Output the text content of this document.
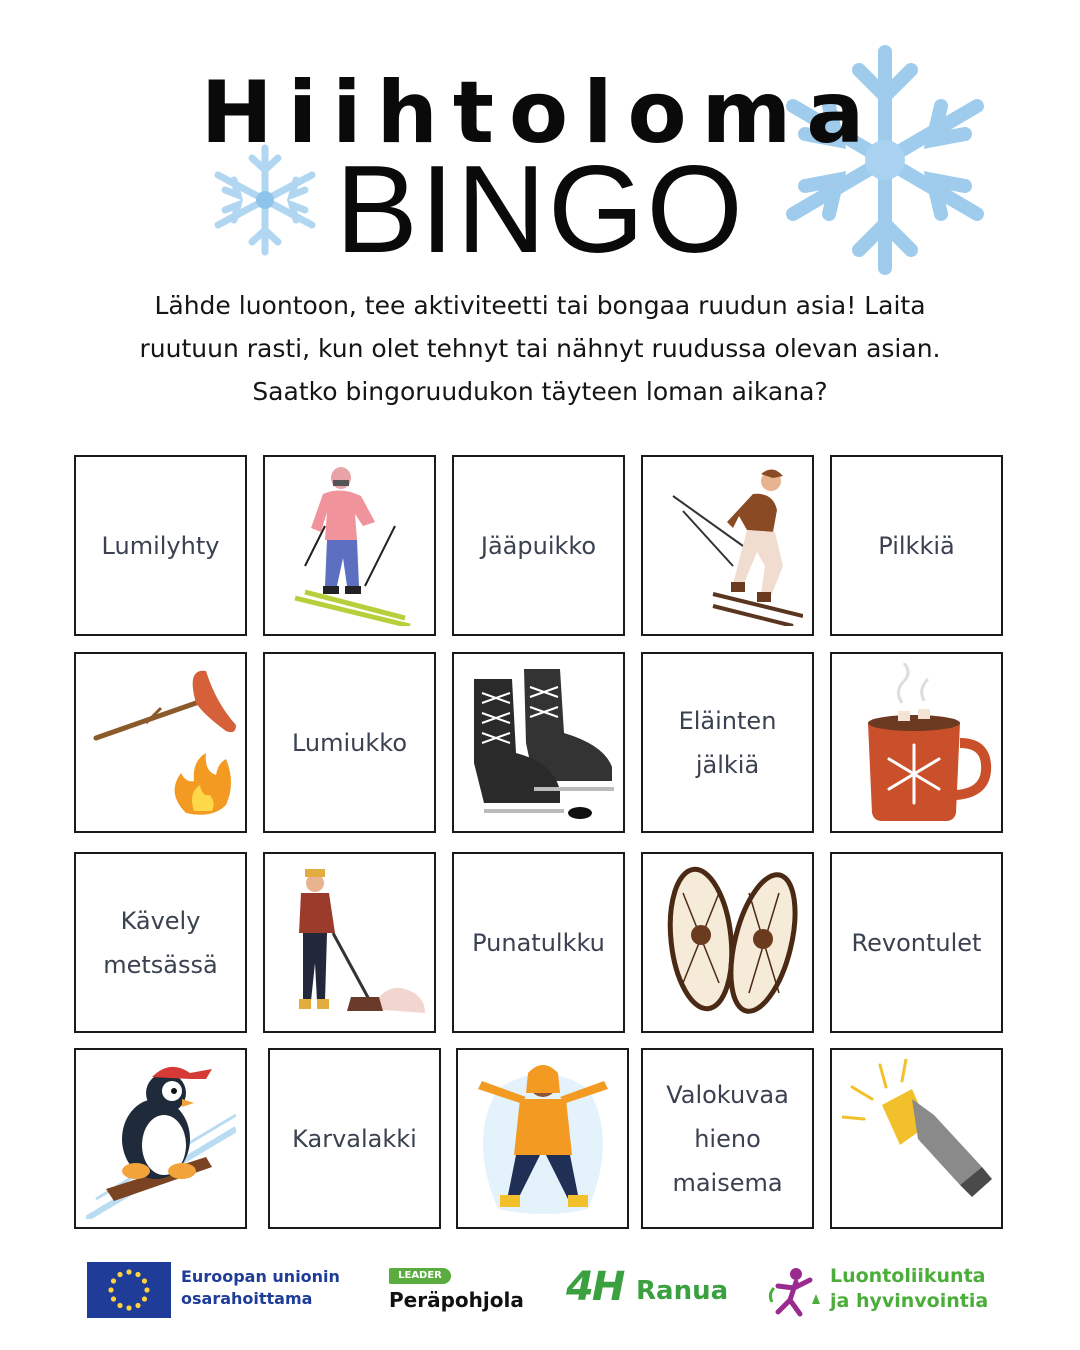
Hiihtoloma
BINGO
Lähde luontoon, tee aktiviteetti tai bongaa ruudun asia! Laita
ruutuun rasti, kun olet tehnyt tai nähnyt ruudussa olevan asian.
Saatko bingoruudukon täyteen loman aikana?
Lumilyhty	Jääpuikko	Pilkkiä
Lumiukko
Eläinten jälkiä
Kävely metsässä
Punatulkku	Revontulet
Karvalakki
Valokuvaa hieno maisema
Euroopan unionin
osarahoittama
LEADER
Peräpohjola 4H Ranua	Luontoliikunta
ja hyvinvointia
